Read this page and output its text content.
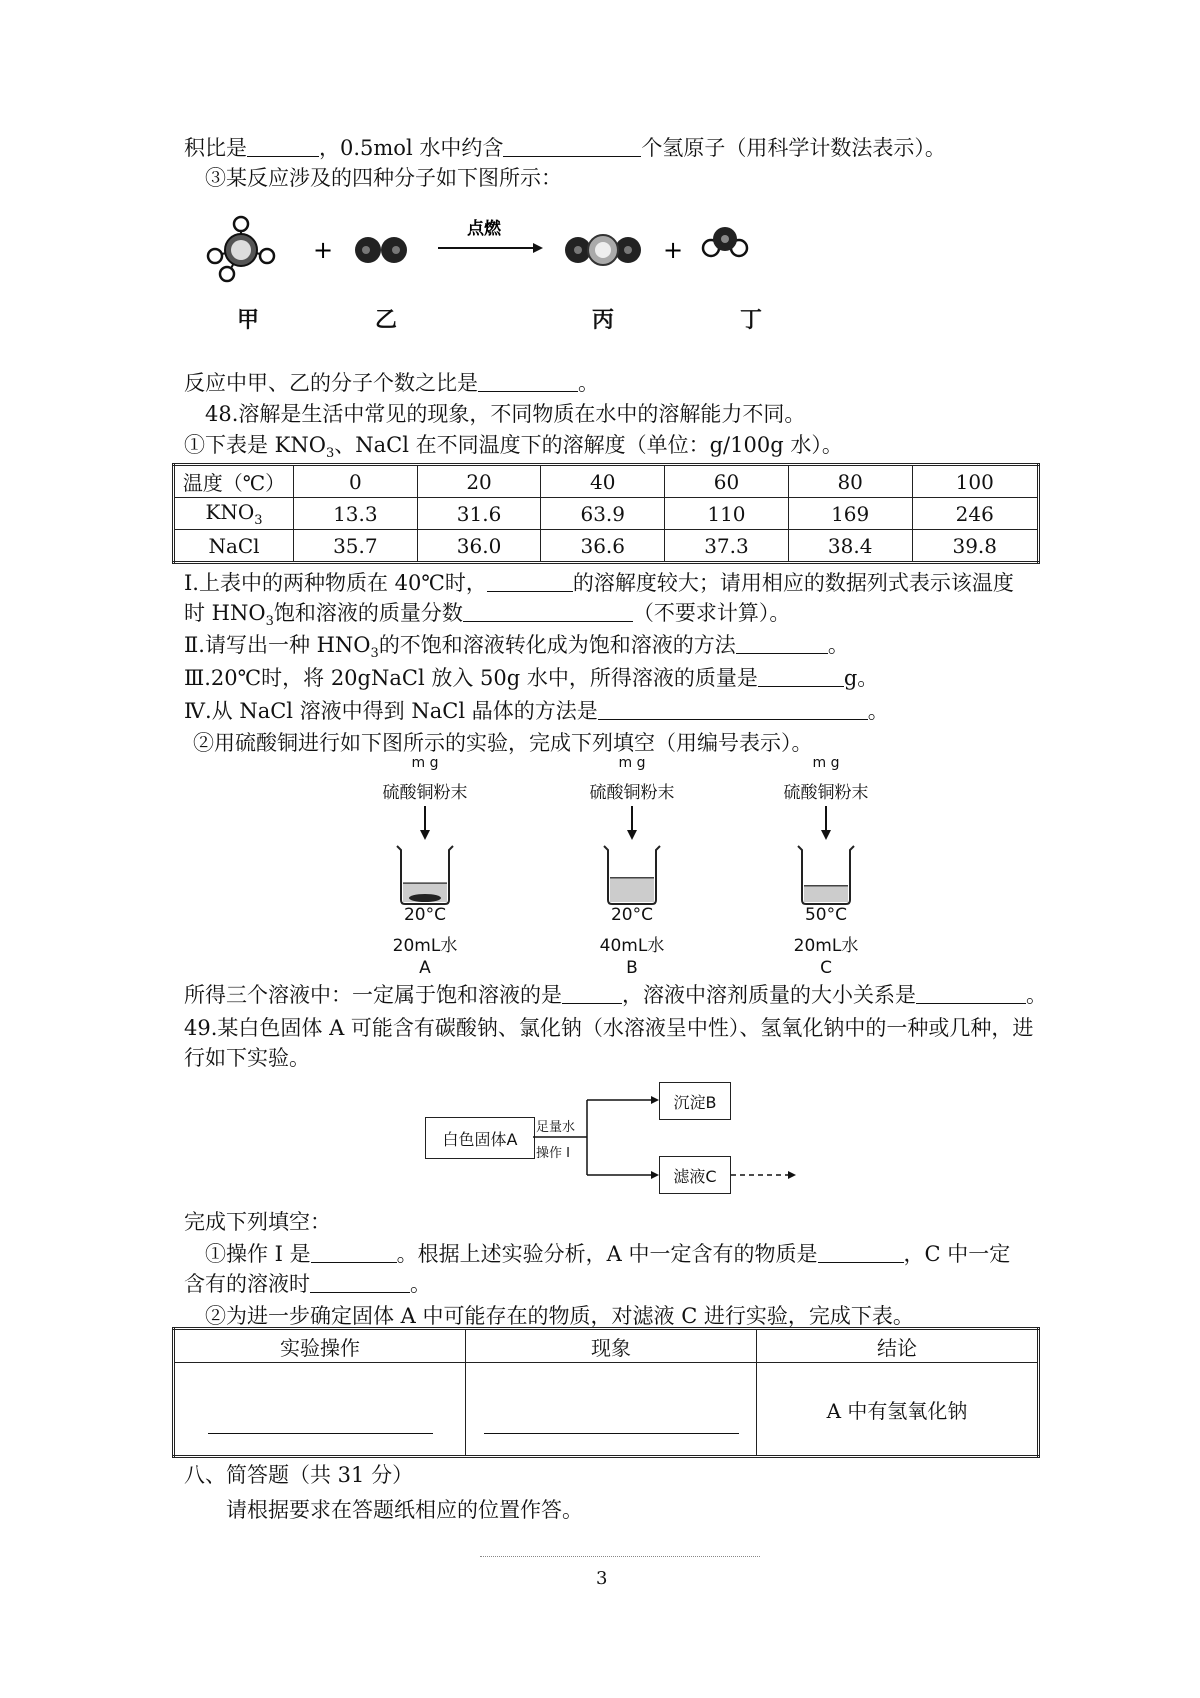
积比是	，0.5mol 水中约含	个氢原子（用科学计数法表示）。
③某反应涉及的四种分子如下图所示：
+
点燃
+
甲	乙	丙	丁
反应中甲、乙的分子个数之比是	。
48.溶解是生活中常见的现象，不同物质在水中的溶解能力不同。
①下表是 $KNO_3$、NaCl 在不同温度下的溶解度（单位：g/100g 水）。
温度（℃）	0	20	40	60	80	100
$KNO_3$	13.3	31.6	63.9	110	169	246
NaCl	35.7	36.0	36.6	37.3	38.4	39.8
Ⅰ.上表中的两种物质在 40℃时，	的溶解度较大；请用相应的数据列式表示该温度
时 $HNO_3$饱和溶液的质量分数	（不要求计算）。
Ⅱ.请写出一种 $HNO_3$的不饱和溶液转化成为饱和溶液的方法	。
Ⅲ.20℃时，将 20gNaCl 放入 50g 水中，所得溶液的质量是	g。
Ⅳ.从 NaCl 溶液中得到 NaCl 晶体的方法是	。
②用硫酸铜进行如下图所示的实验，完成下列填空（用编号表示）。
m g
硫酸铜粉末
20°C
20mL水
A
m g
硫酸铜粉末
20°C
40mL水
B
m g
硫酸铜粉末
50°C
20mL水
C
所得三个溶液中：一定属于饱和溶液的是	，溶液中溶剂质量的大小关系是	。
49.某白色固体 A 可能含有碳酸钠、氯化钠（水溶液呈中性）、氢氧化钠中的一种或几种，进
行如下实验。
白色固体A
足量水
操作 I
沉淀B
滤液C
完成下列填空：
①操作 I 是	。根据上述实验分析，A 中一定含有的物质是	，C 中一定
含有的溶液时	。
②为进一步确定固体 A 中可能存在的物质，对滤液 C 进行实验，完成下表。
实验操作	现象	结论
		A 中有氢氧化钠
八、简答题（共 31 分）
请根据要求在答题纸相应的位置作答。
3
